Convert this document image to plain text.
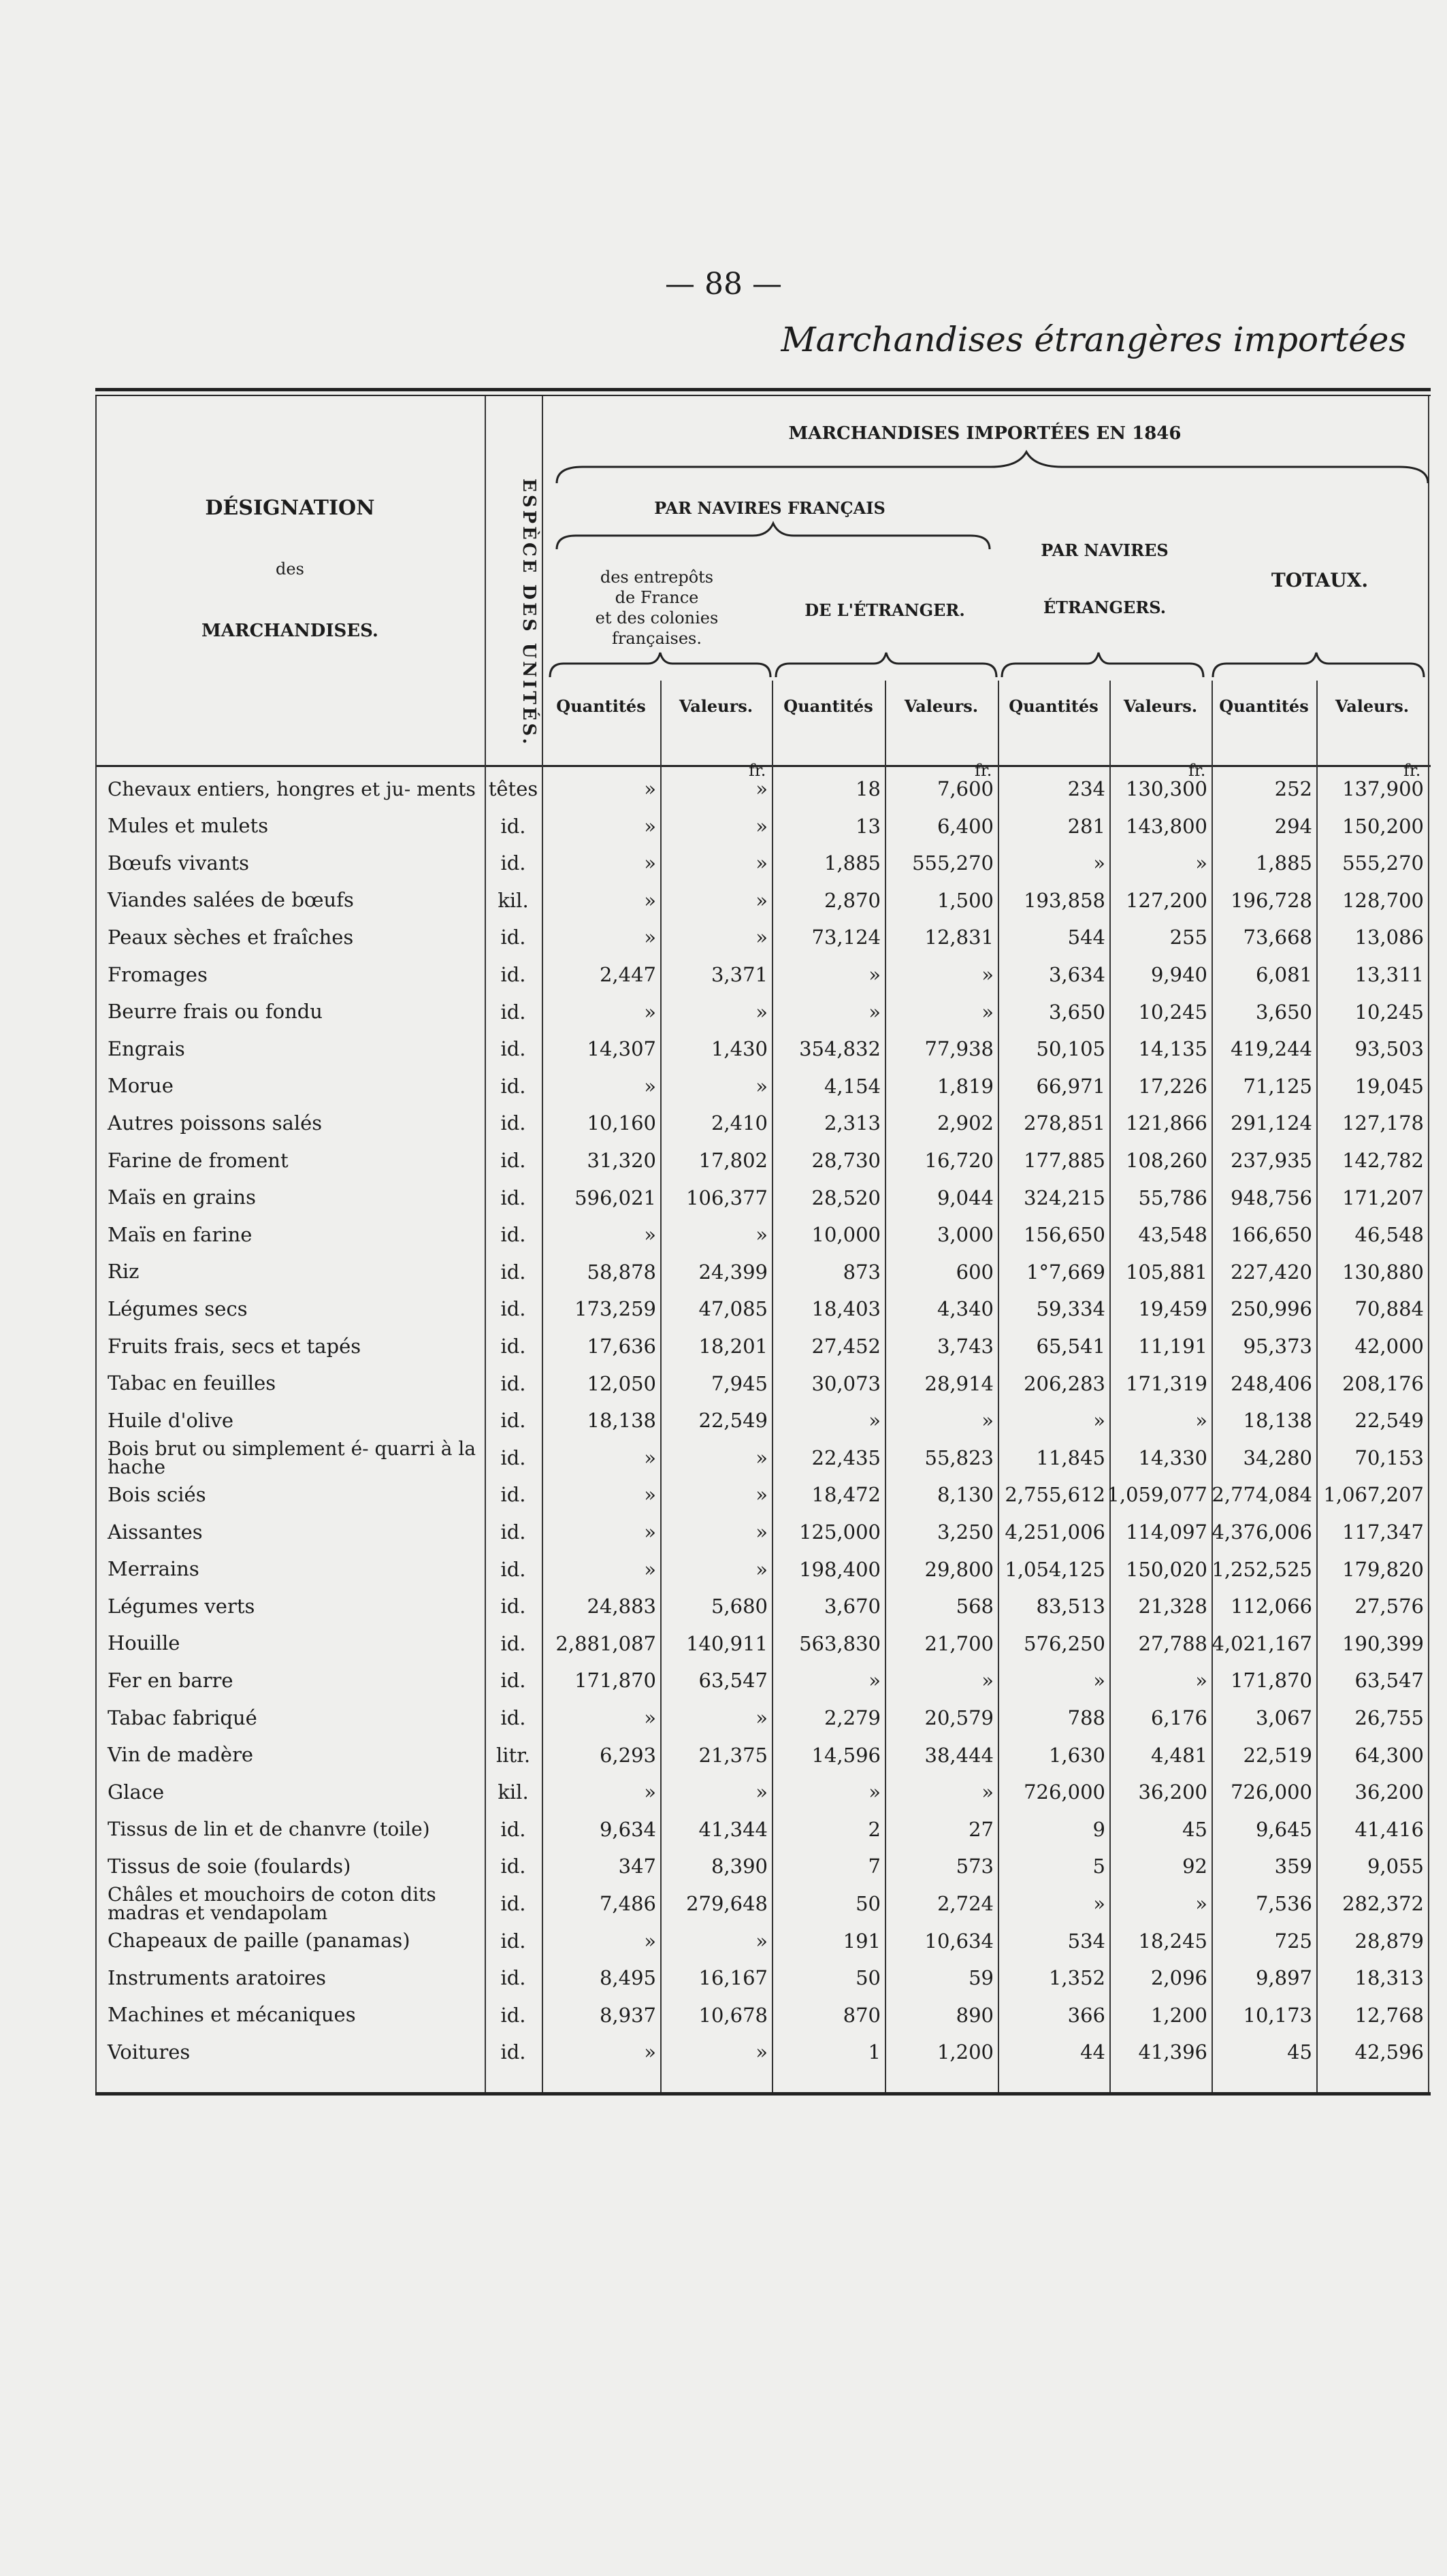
— 88 —
Marchandises étrangères importées
MARCHANDISES IMPORTÉES EN 1846
DÉSIGNATION
des
MARCHANDISES.	ESPÈCE DES UNITÉS.	PAR NAVIRES FRANÇAIS
des entrepôts
de France
et des colonies
françaises.
DE L'ÉTRANGER.
PAR NAVIRES
ÉTRANGERS.
TOTAUX.
Quantités	Valeurs.	Quantités	Valeurs.	Quantités	Valeurs.	Quantités	Valeurs.
fr.	fr.	fr.	fr.
Chevaux entiers, hongres et ju- ments têtes	»	»	18	7,600	234	130,300	252	137,900
Mules et mulets	id.	»	»	13	6,400	281	143,800	294	150,200
Bœufs vivants	id.	»	»	1,885	555,270	»	»	1,885	555,270
Viandes salées de bœufs	kil.	»	»	2,870	1,500	193,858	127,200	196,728	128,700
Peaux sèches et fraîches	id.	»	»	73,124	12,831	544	255	73,668	13,086
Fromages	id.	2,447	3,371	»	»	3,634	9,940	6,081	13,311
Beurre frais ou fondu	id.	»	»	»	»	3,650	10,245	3,650	10,245
Engrais	id.	14,307	1,430	354,832	77,938	50,105	14,135	419,244	93,503
Morue	id.	»	»	4,154	1,819	66,971	17,226	71,125	19,045
Autres poissons salés	id.	10,160	2,410	2,313	2,902	278,851	121,866	291,124	127,178
Farine de froment	id.	31,320	17,802	28,730	16,720	177,885	108,260	237,935	142,782
Maïs en grains	id.	596,021	106,377	28,520	9,044	324,215	55,786	948,756	171,207
Maïs en farine	id.	»	»	10,000	3,000	156,650	43,548	166,650	46,548
Riz	id.	58,878	24,399	873	600	1°7,669	105,881	227,420	130,880
Légumes secs	id.	173,259	47,085	18,403	4,340	59,334	19,459	250,996	70,884
Fruits frais, secs et tapés	id.	17,636	18,201	27,452	3,743	65,541	11,191	95,373	42,000
Tabac en feuilles	id.	12,050	7,945	30,073	28,914	206,283	171,319	248,406	208,176
Huile d'olive	id.	18,138	22,549	»	»	»	»	18,138	22,549
Bois brut ou simplement é- quarri à la hache	id.	»	»	22,435	55,823	11,845	14,330	34,280	70,153
Bois sciés	id.	»	»	18,472	8,130 2,755,612 1,059,077 2,774,084 1,067,207
Aissantes	id.	»	»	125,000	3,250 4,251,006	114,097 4,376,006	117,347
Merrains	id.	»	»	198,400	29,800 1,054,125	150,020 1,252,525	179,820
Légumes verts	id.	24,883	5,680	3,670	568	83,513	21,328	112,066	27,576
Houille	id.	2,881,087	140,911	563,830	21,700	576,250	27,788 4,021,167	190,399
Fer en barre	id.	171,870	63,547	»	»	»	»	171,870	63,547
Tabac fabriqué	id.	»	»	2,279	20,579	788	6,176	3,067	26,755
Vin de madère	litr.	6,293	21,375	14,596	38,444	1,630	4,481	22,519	64,300
Glace	kil.	»	»	»	»	726,000	36,200	726,000	36,200
Tissus de lin et de chanvre (toile)	id.	9,634	41,344	2	27	9	45	9,645	41,416
Tissus de soie (foulards)	id.	347	8,390	7	573	5	92	359	9,055
Châles et mouchoirs de coton dits madras et vendapolam	id.	7,486	279,648	50	2,724	»	»	7,536	282,372
Chapeaux de paille (panamas)	id.	»	»	191	10,634	534	18,245	725	28,879
Instruments aratoires	id.	8,495	16,167	50	59	1,352	2,096	9,897	18,313
Machines et mécaniques	id.	8,937	10,678	870	890	366	1,200	10,173	12,768
Voitures	id.	»	»	1	1,200	44	41,396	45	42,596
